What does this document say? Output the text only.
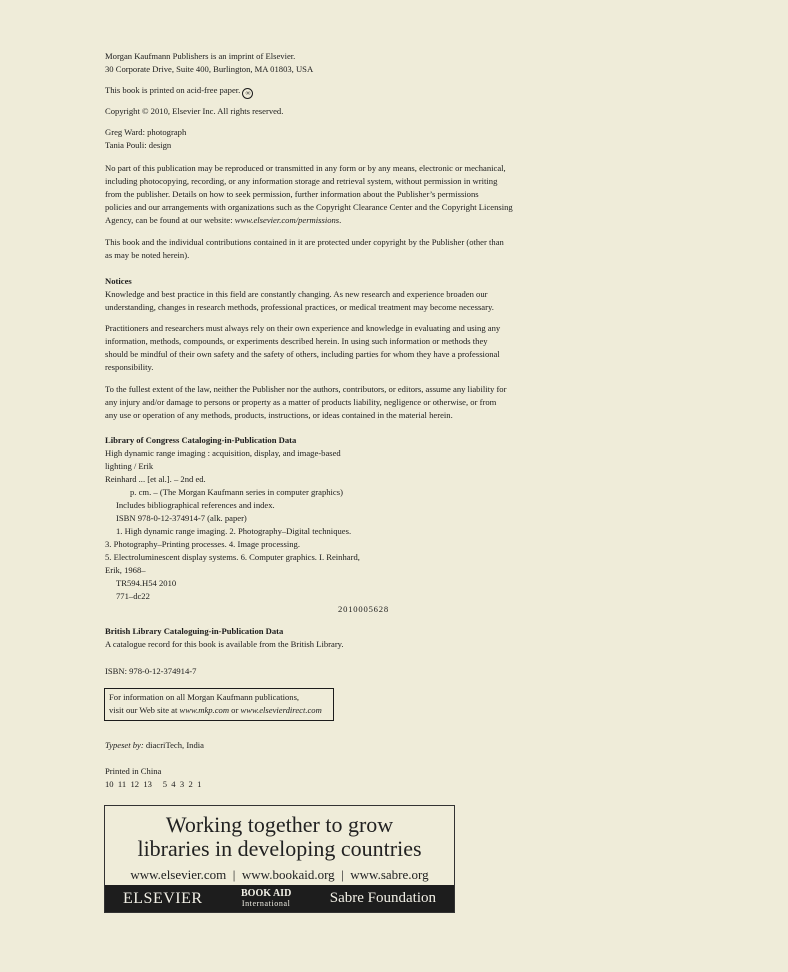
Morgan Kaufmann Publishers is an imprint of Elsevier.

30 Corporate Drive, Suite 400, Burlington, MA 01803, USA

This book is printed on acid-free paper. ∞

Copyright © 2010, Elsevier Inc. All rights reserved.

Greg Ward: photograph

Tania Pouli: design

No part of this publication may be reproduced or transmitted in any form or by any means, electronic or mechanical,

including photocopying, recording, or any information storage and retrieval system, without permission in writing

from the publisher. Details on how to seek permission, further information about the Publisher’s permissions

policies and our arrangements with organizations such as the Copyright Clearance Center and the Copyright Licensing

Agency, can be found at our website: www.elsevier.com/permissions.

This book and the individual contributions contained in it are protected under copyright by the Publisher (other than

as may be noted herein).

Notices

Knowledge and best practice in this field are constantly changing. As new research and experience broaden our

understanding, changes in research methods, professional practices, or medical treatment may become necessary.

Practitioners and researchers must always rely on their own experience and knowledge in evaluating and using any

information, methods, compounds, or experiments described herein. In using such information or methods they

should be mindful of their own safety and the safety of others, including parties for whom they have a professional

responsibility.

To the fullest extent of the law, neither the Publisher nor the authors, contributors, or editors, assume any liability for

any injury and/or damage to persons or property as a matter of products liability, negligence or otherwise, or from

any use or operation of any methods, products, instructions, or ideas contained in the material herein.

Library of Congress Cataloging-in-Publication Data

High dynamic range imaging : acquisition, display, and image-based

lighting / Erik

Reinhard ... [et al.]. – 2nd ed.

p. cm. – (The Morgan Kaufmann series in computer graphics)

Includes bibliographical references and index.

ISBN 978-0-12-374914-7 (alk. paper)

1. High dynamic range imaging. 2. Photography–Digital techniques.

3. Photography–Printing processes. 4. Image processing.

5. Electroluminescent display systems. 6. Computer graphics. I. Reinhard,

Erik, 1968–

TR594.H54 2010

771–dc22

2010005628

British Library Cataloguing-in-Publication Data

A catalogue record for this book is available from the British Library.

ISBN: 978-0-12-374914-7

For information on all Morgan Kaufmann publications,

visit our Web site at www.mkp.com or www.elsevierdirect.com

Typeset by: diacriTech, India

Printed in China

10  11  12  13     5  4  3  2  1

Working together to grow
libraries in developing countries
www.elsevier.com  |  www.bookaid.org  |  www.sabre.org
ELSEVIER	BOOK AID
International	Sabre Foundation
